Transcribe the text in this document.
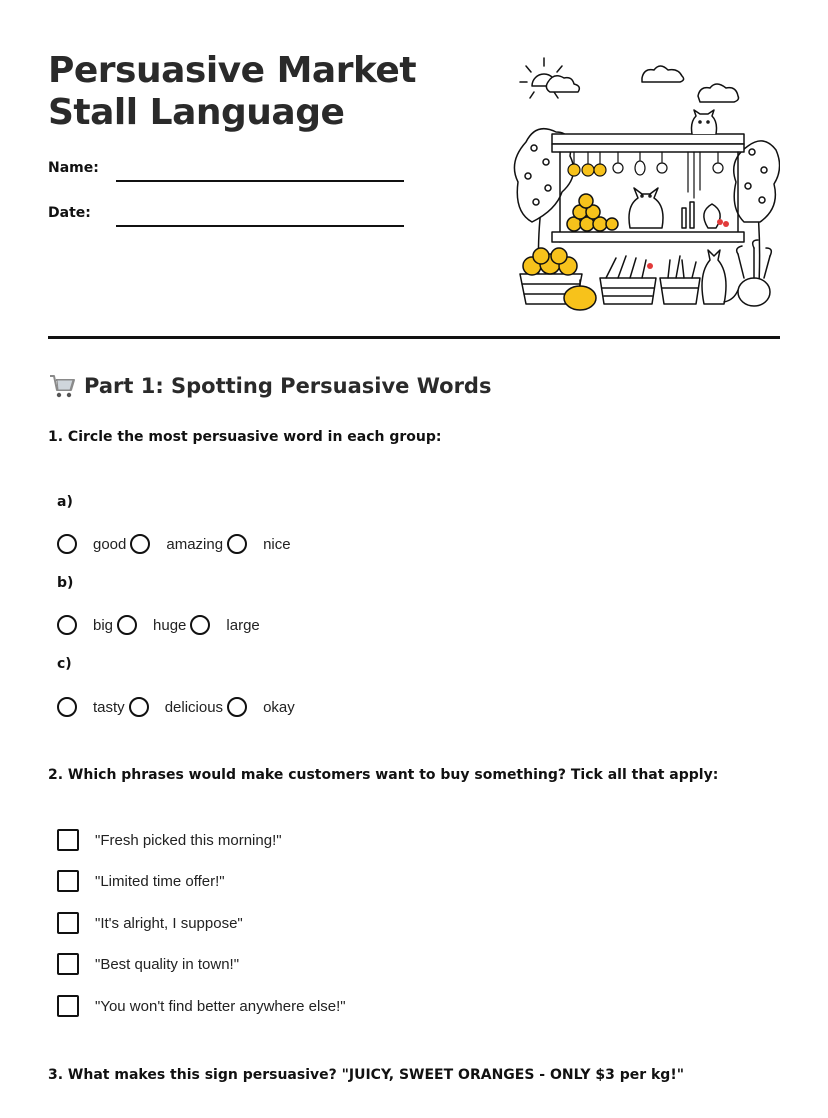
Persuasive Market Stall Language
Name:
Date:
Part 1: Spotting Persuasive Words
1. Circle the most persuasive word in each group:
a)
good	amazing	nice
b)
big	huge	large
c)
tasty	delicious	okay
2. Which phrases would make customers want to buy something? Tick all that apply:
"Fresh picked this morning!"
"Limited time offer!"
"It's alright, I suppose"
"Best quality in town!"
"You won't find better anywhere else!"
3. What makes this sign persuasive? "JUICY, SWEET ORANGES - ONLY $3 per kg!"
